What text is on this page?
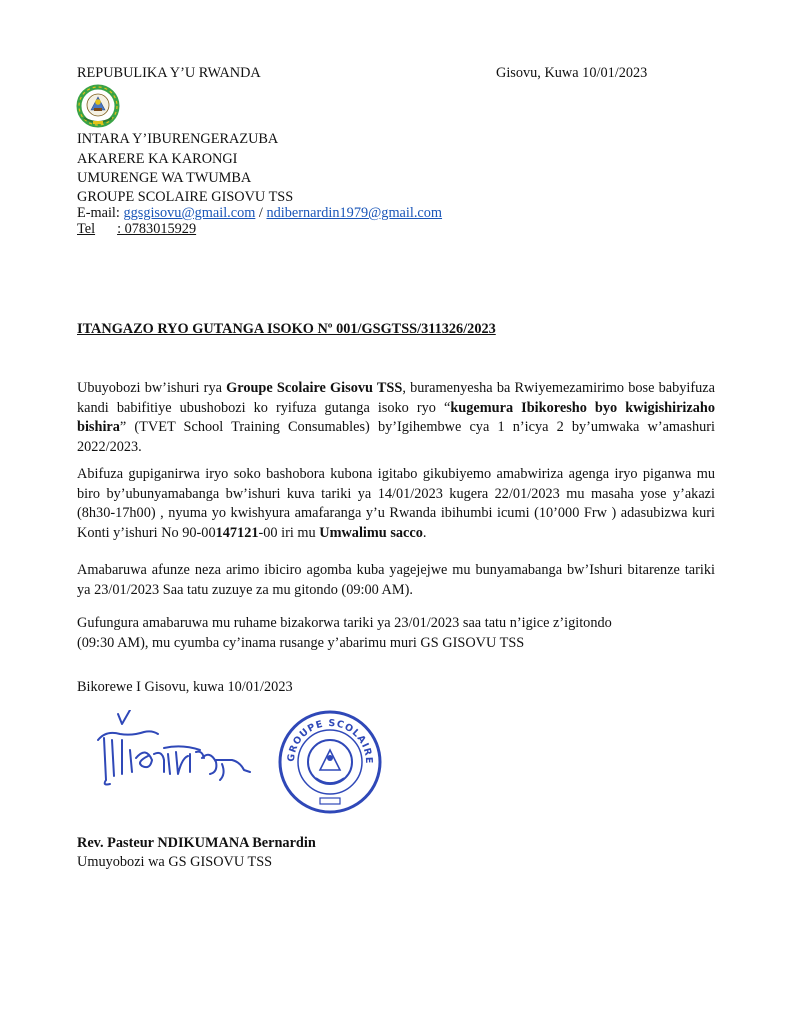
REPUBULIKA Y’U RWANDA	Gisovu, Kuwa 10/01/2023
INTARA Y’IBURENGERAZUBA
AKARERE KA KARONGI
UMURENGE WA TWUMBA
GROUPE SCOLAIRE GISOVU TSS
E-mail: ggsgisovu@gmail.com / ndibernardin1979@gmail.com
Tel : 0783015929
ITANGAZO RYO GUTANGA ISOKO Nº 001/GSGTSS/311326/2023

Ubuyobozi bw’ishuri rya Groupe Scolaire Gisovu TSS, buramenyesha ba Rwiyemezamirimo bose babyifuza kandi babifitiye ubushobozi ko ryifuza gutanga isoko ryo “kugemura Ibikoresho byo kwigishirizaho bishira” (TVET School Training Consumables) by’Igihembwe cya 1 n’icya 2 by’umwaka w’amashuri 2022/2023.

Abifuza gupiganirwa iryo soko bashobora kubona igitabo gikubiyemo amabwiriza agenga iryo piganwa mu biro by’ubunyamabanga bw’ishuri kuva tariki ya 14/01/2023 kugera 22/01/2023 mu masaha yose y’akazi (8h30-17h00) , nyuma yo kwishyura amafaranga y’u Rwanda ibihumbi icumi (10’000 Frw ) adasubizwa kuri Konti y’ishuri No 90-00147121-00 iri mu Umwalimu sacco.

Amabaruwa afunze neza arimo ibiciro agomba kuba yagejejwe mu bunyamabanga bw’Ishuri bitarenze tariki ya 23/01/2023 Saa tatu zuzuye za mu gitondo (09:00 AM).

Gufungura amabaruwa mu ruhame bizakorwa tariki ya 23/01/2023 saa tatu n’igice z’igitondo
(09:30 AM), mu cyumba cy’inama rusange y’abarimu muri GS GISOVU TSS
Bikorewe I Gisovu, kuwa 10/01/2023
GROUPE SCOLAIRE
Rev. Pasteur NDIKUMANA Bernardin
Umuyobozi wa GS GISOVU TSS
